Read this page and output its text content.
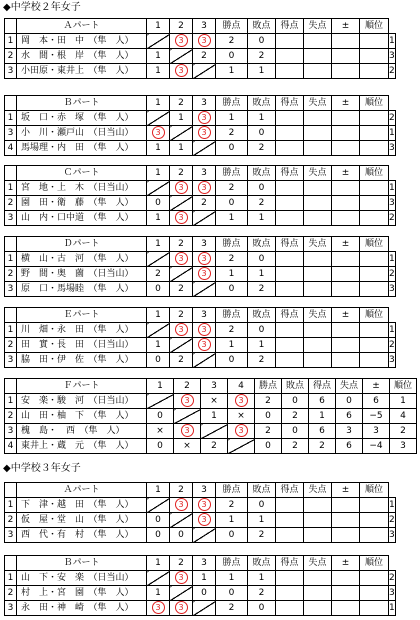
◆中学校２年女子
	Ａパート	1	2	3	勝点	敗点	得点	失点	±	順位	
1	岡　本・田　中　（隼　人）		3	3	2	0					1
2	水　間・根　岸　（隼　人）	1		2	0	2					3
3	小田原・東井上　（隼　人）	1	3		1	1					2
	Ｂパート	1	2	3	勝点	敗点	得点	失点	±	順位	
1	坂　口・赤　塚　（隼　人）		1	3	1	1					2
3	小　川・瀬戸山　（日当山）	3		3	2	0					1
4	馬場理・内　田　（隼　人）	1	1		0	2					3
	Ｃパート	1	2	3	勝点	敗点	得点	失点	±	順位	
1	宮　地・上　木　（日当山）		3	3	2	0					1
2	園　田・衛　藤　（隼　人）	0		2	0	2					3
3	山　内・口中道　（隼　人）	1	3		1	1					2
	Ｄパート	1	2	3	勝点	敗点	得点	失点	±	順位	
1	横　山・古　河　（隼　人）		3	3	2	0					1
2	野　間・奥　薗　（日当山）	2		3	1	1					2
3	原　口・馬場睦　（隼　人）	0	2		0	2					3
	Ｅパート	1	2	3	勝点	敗点	得点	失点	±	順位	
1	川　畑・永　田　（隼　人）		3	3	2	0					1
2	田　實・長　田　（日当山）	1		3	1	1					2
3	脇　田・伊　佐　（隼　人）	0	2		0	2					3
	Ｆパート	1	2	3	4	勝点	敗点	得点	失点	±	順位
1	安　楽・駿　河　（日当山）		3	×	3	2	0	6	0	6	1
2	山　田・柚　下　（隼　人）	0		1	×	0	2	1	6	−5	4
3	槐　島・　西　（隼　人）	×	3		3	2	0	6	3	3	2
4	東井上・蔵　元　（隼　人）	0	×	2		0	2	2	6	−4	3
◆中学校３年女子
	Ａパート	1	2	3	勝点	敗点	得点	失点	±	順位	
1	下　津・越　田　（隼　人）		3	3	2	0					1
2	仮　屋・堂　山　（隼　人）	0		3	1	1					2
3	西　代・有　村　（隼　人）	0	0		0	2					3
	Ｂパート	1	2	3	勝点	敗点	得点	失点	±	順位	
1	山　下・安　楽　（日当山）		3	1	1	1					2
2	村　上・宮　園　（隼　人）	1		0	0	2					3
3	永　田・神　崎　（隼　人）	3	3		2	0					1
